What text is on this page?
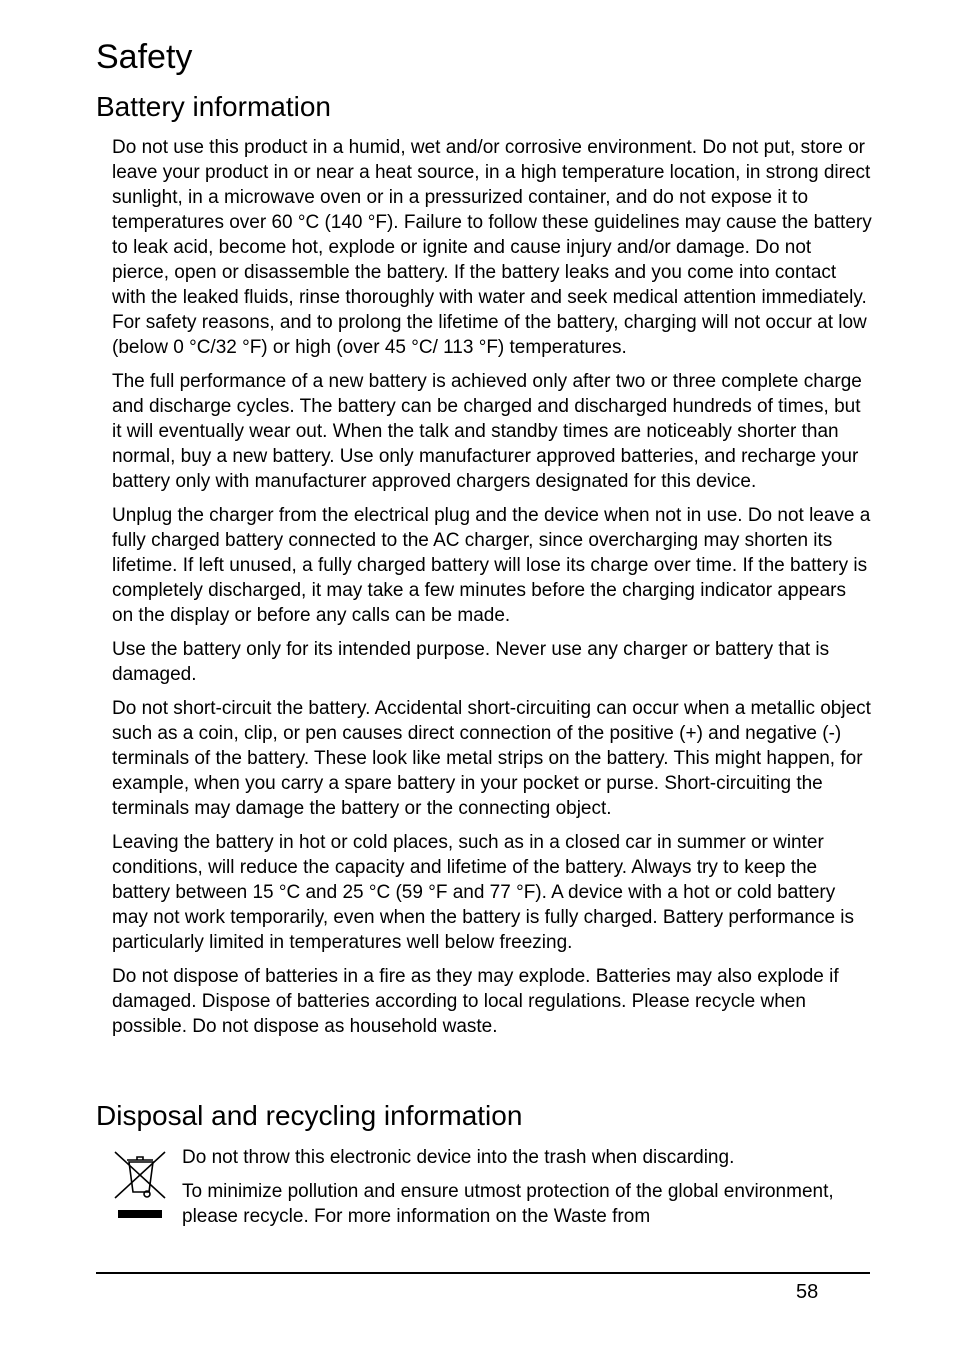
Safety
Battery information

Do not use this product in a humid, wet and/or corrosive environment. Do not put, store or leave your product in or near a heat source, in a high temperature location, in strong direct sunlight, in a microwave oven or in a pressurized container, and do not expose it to temperatures over 60 °C (140 °F). Failure to follow these guidelines may cause the battery to leak acid, become hot, explode or ignite and cause injury and/or damage. Do not pierce, open or disassemble the battery. If the battery leaks and you come into contact with the leaked fluids, rinse thoroughly with water and seek medical attention immediately. For safety reasons, and to prolong the lifetime of the battery, charging will not occur at low (below 0 °C/32 °F) or high (over 45 °C/ 113 °F) temperatures.

The full performance of a new battery is achieved only after two or three complete charge and discharge cycles. The battery can be charged and discharged hundreds of times, but it will eventually wear out. When the talk and standby times are noticeably shorter than normal, buy a new battery. Use only manufacturer approved batteries, and recharge your battery only with manufacturer approved chargers designated for this device.

Unplug the charger from the electrical plug and the device when not in use. Do not leave a fully charged battery connected to the AC charger, since overcharging may shorten its lifetime. If left unused, a fully charged battery will lose its charge over time. If the battery is completely discharged, it may take a few minutes before the charging indicator appears on the display or before any calls can be made.

Use the battery only for its intended purpose. Never use any charger or battery that is damaged.

Do not short-circuit the battery. Accidental short-circuiting can occur when a metallic object such as a coin, clip, or pen causes direct connection of the positive (+) and negative (-) terminals of the battery. These look like metal strips on the battery. This might happen, for example, when you carry a spare battery in your pocket or purse. Short-circuiting the terminals may damage the battery or the connecting object.

Leaving the battery in hot or cold places, such as in a closed car in summer or winter conditions, will reduce the capacity and lifetime of the battery. Always try to keep the battery between 15 °C and 25 °C (59 °F and 77 °F). A device with a hot or cold battery may not work temporarily, even when the battery is fully charged. Battery performance is particularly limited in temperatures well below freezing.

Do not dispose of batteries in a fire as they may explode. Batteries may also explode if damaged. Dispose of batteries according to local regulations. Please recycle when possible. Do not dispose as household waste.

Disposal and recycling information

Do not throw this electronic device into the trash when discarding.

To minimize pollution and ensure utmost protection of the global environment, please recycle. For more information on the Waste from

58
